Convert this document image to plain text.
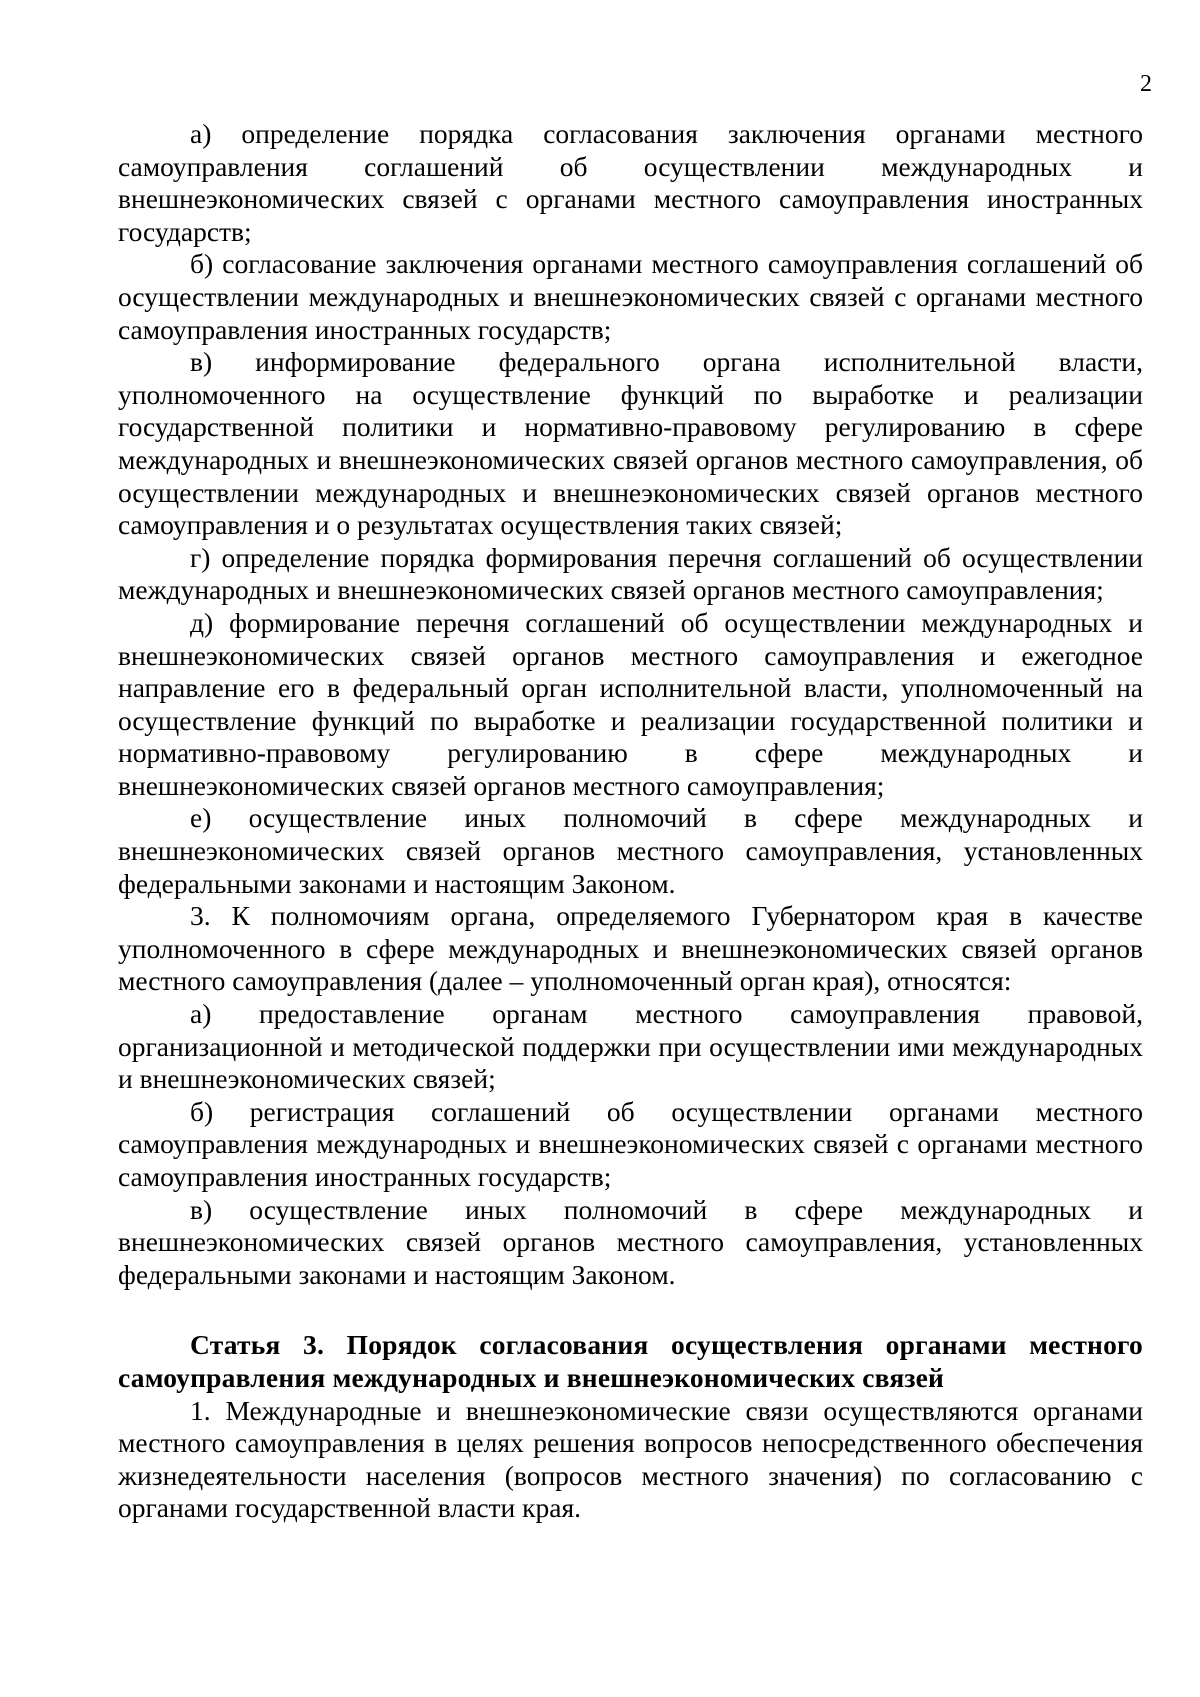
2

а) определение порядка согласования заключения органами местного самоуправления соглашений об осуществлении международных и внешнеэкономических связей с органами местного самоуправления иностранных государств;

б) согласование заключения органами местного самоуправления соглашений об осуществлении международных и внешнеэкономических связей с органами местного самоуправления иностранных государств;

в) информирование федерального органа исполнительной власти, уполномоченного на осуществление функций по выработке и реализации государственной политики и нормативно-правовому регулированию в сфере международных и внешнеэкономических связей органов местного самоуправления, об осуществлении международных и внешнеэкономических связей органов местного самоуправления и о результатах осуществления таких связей;

г) определение порядка формирования перечня соглашений об осуществлении международных и внешнеэкономических связей органов местного самоуправления;

д) формирование перечня соглашений об осуществлении международных и внешнеэкономических связей органов местного самоуправления и ежегодное направление его в федеральный орган исполнительной власти, уполномоченный на осуществление функций по выработке и реализации государственной политики и нормативно-правовому регулированию в сфере международных и внешнеэкономических связей органов местного самоуправления;

е) осуществление иных полномочий в сфере международных и внешнеэкономических связей органов местного самоуправления, установленных федеральными законами и настоящим Законом.

3. К полномочиям органа, определяемого Губернатором края в качестве уполномоченного в сфере международных и внешнеэкономических связей органов местного самоуправления (далее – уполномоченный орган края), относятся:

а) предоставление органам местного самоуправления правовой, организационной и методической поддержки при осуществлении ими международных и внешнеэкономических связей;

б) регистрация соглашений об осуществлении органами местного самоуправления международных и внешнеэкономических связей с органами местного самоуправления иностранных государств;

в) осуществление иных полномочий в сфере международных и внешнеэкономических связей органов местного самоуправления, установленных федеральными законами и настоящим Законом.

Статья 3. Порядок согласования осуществления органами местного самоуправления международных и внешнеэкономических связей

1. Международные и внешнеэкономические связи осуществляются органами местного самоуправления в целях решения вопросов непосредственного обеспечения жизнедеятельности населения (вопросов местного значения) по согласованию с органами государственной власти края.
